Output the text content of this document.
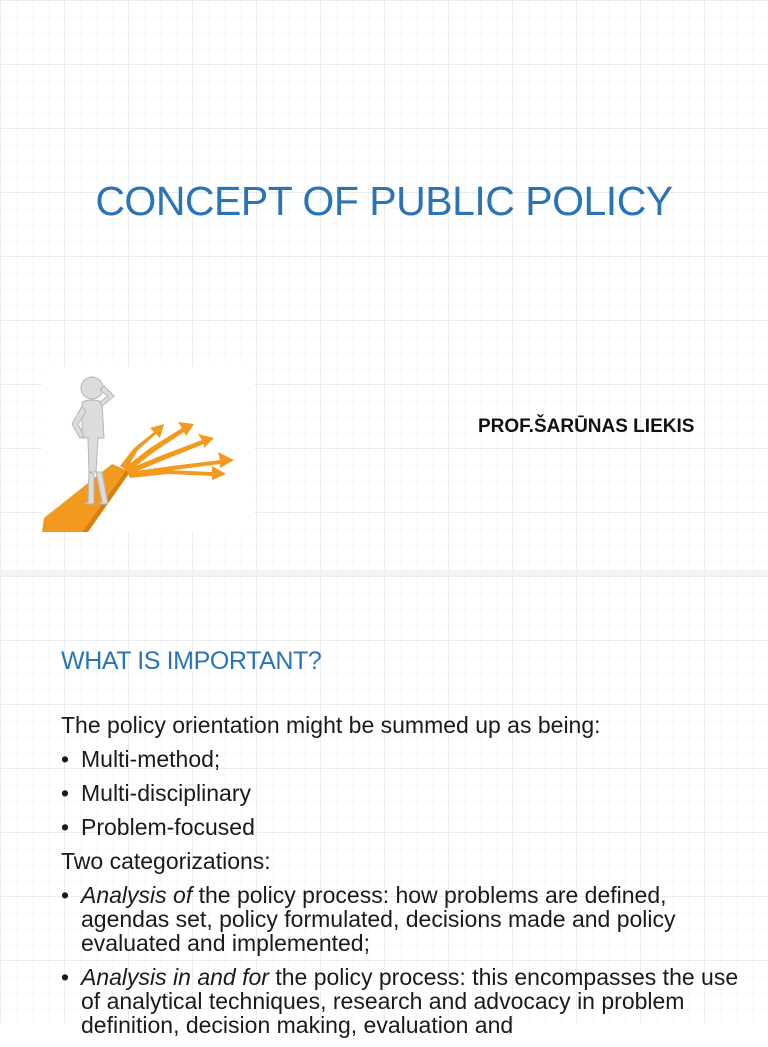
CONCEPT OF PUBLIC POLICY
PROF.ŠARŪNAS LIEKIS
WHAT IS IMPORTANT?
The policy orientation might be summed up as being:
• Multi-method;
• Multi-disciplinary
• Problem-focused
Two categorizations:
• Analysis of the policy process: how problems are defined, agendas set, policy formulated, decisions made and policy evaluated and implemented;
• Analysis in and for the policy process: this encompasses the use of analytical techniques, research and advocacy in problem definition, decision making, evaluation and
